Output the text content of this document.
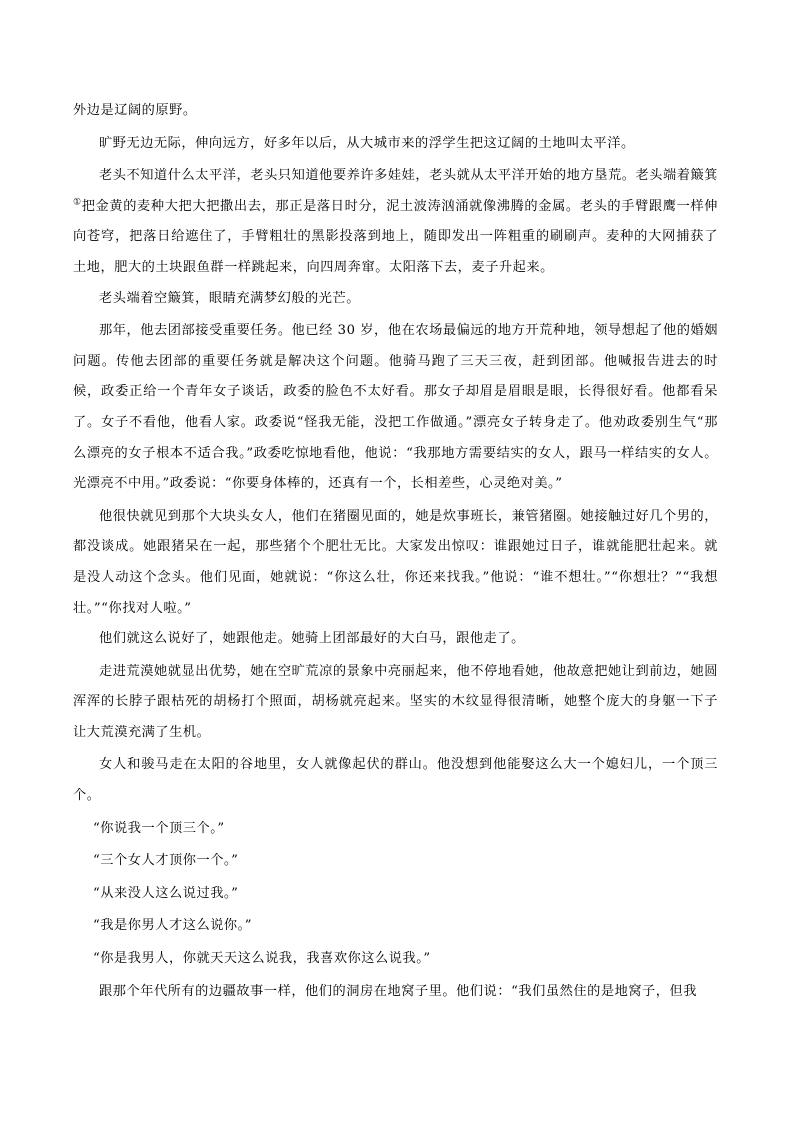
外边是辽阔的原野。

旷野无边无际，伸向远方，好多年以后，从大城市来的浮学生把这辽阔的土地叫太平洋。

老头不知道什么太平洋，老头只知道他要养许多娃娃，老头就从太平洋开始的地方垦荒。老头端着簸箕①把金黄的麦种大把大把撒出去，那正是落日时分，泥土波涛汹涌就像沸腾的金属。老头的手臂跟鹰一样伸向苍穹，把落日给遮住了，手臂粗壮的黑影投落到地上，随即发出一阵粗重的刷刷声。麦种的大网捕获了土地，肥大的土块跟鱼群一样跳起来，向四周奔窜。太阳落下去，麦子升起来。

老头端着空簸箕，眼睛充满梦幻般的光芒。

那年，他去团部接受重要任务。他已经 30 岁，他在农场最偏远的地方开荒种地，领导想起了他的婚姻问题。传他去团部的重要任务就是解决这个问题。他骑马跑了三天三夜，赶到团部。他喊报告进去的时候，政委正给一个青年女子谈话，政委的脸色不太好看。那女子却眉是眉眼是眼，长得很好看。他都看呆了。女子不看他，他看人家。政委说“怪我无能，没把工作做通。”漂亮女子转身走了。他劝政委别生气“那么漂亮的女子根本不适合我。”政委吃惊地看他，他说：“我那地方需要结实的女人，跟马一样结实的女人。光漂亮不中用。”政委说：“你要身体棒的，还真有一个，长相差些，心灵绝对美。”

他很快就见到那个大块头女人，他们在猪圈见面的，她是炊事班长，兼管猪圈。她接触过好几个男的，都没谈成。她跟猪呆在一起，那些猪个个肥壮无比。大家发出惊叹：谁跟她过日子，谁就能肥壮起来。就是没人动这个念头。他们见面，她就说：“你这么壮，你还来找我。”他说：“谁不想壮。”“你想壮？”“我想壮。”“你找对人啦。”

他们就这么说好了，她跟他走。她骑上团部最好的大白马，跟他走了。

走进荒漠她就显出优势，她在空旷荒凉的景象中亮丽起来，他不停地看她，他故意把她让到前边，她圆浑浑的长脖子跟枯死的胡杨打个照面，胡杨就亮起来。坚实的木纹显得很清晰，她整个庞大的身躯一下子让大荒漠充满了生机。

女人和骏马走在太阳的谷地里，女人就像起伏的群山。他没想到他能娶这么大一个媳妇儿，一个顶三个。

“你说我一个顶三个。”

“三个女人才顶你一个。”

“从来没人这么说过我。”

“我是你男人才这么说你。”

“你是我男人，你就天天这么说我，我喜欢你这么说我。”

跟那个年代所有的边疆故事一样，他们的洞房在地窝子里。他们说：“我们虽然住的是地窝子，但我
